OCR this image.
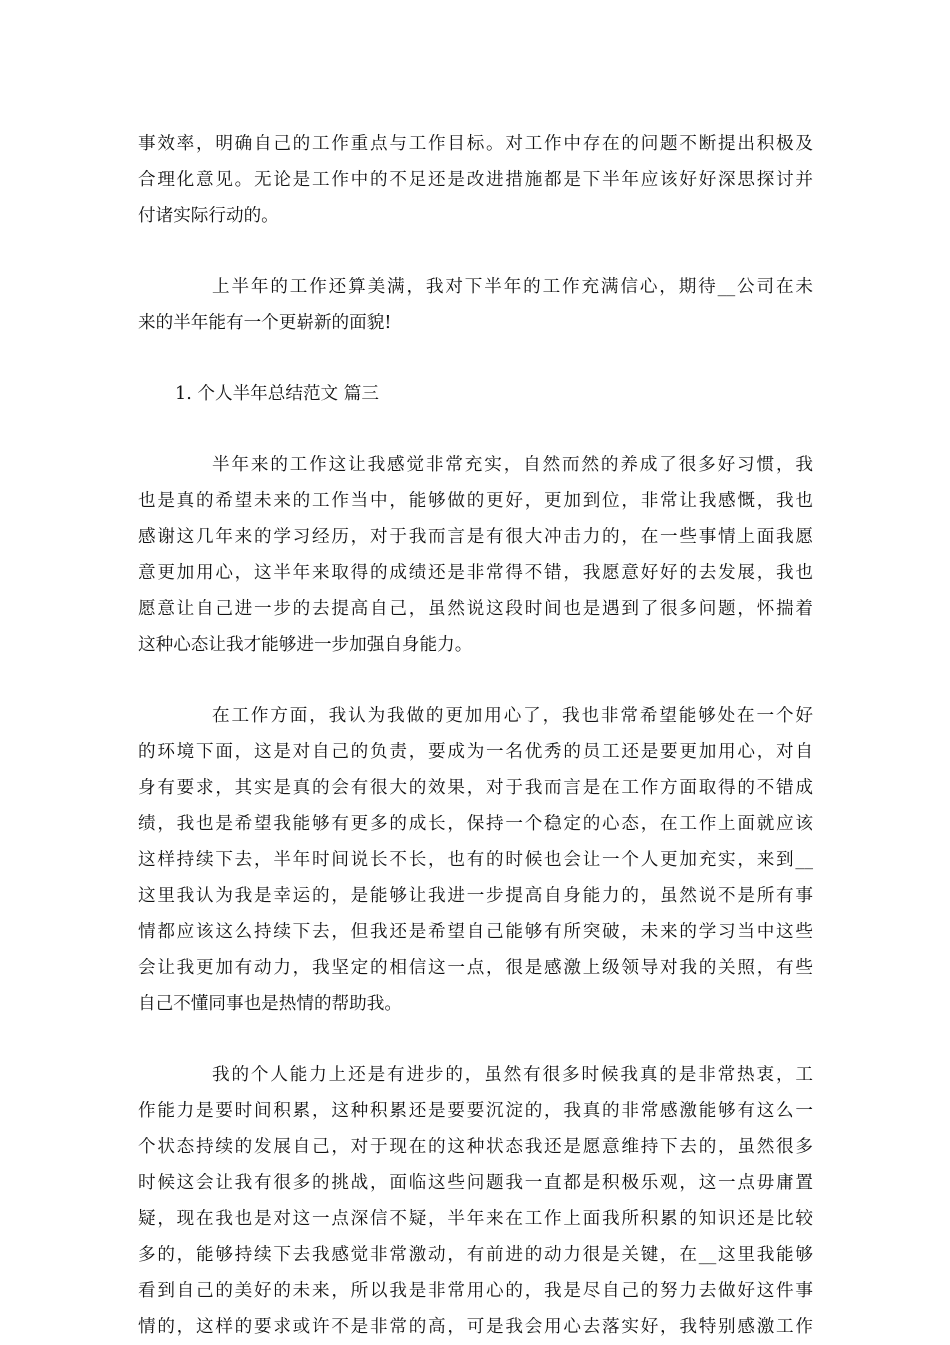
事效率，明确自己的工作重点与工作目标。对工作中存在的问题不断提出积极及
合理化意见。无论是工作中的不足还是改进措施都是下半年应该好好深思探讨并
付诸实际行动的。

上半年的工作还算美满，我对下半年的工作充满信心，期待__公司在未
来的半年能有一个更崭新的面貌!

1. 个人半年总结范文 篇三

半年来的工作这让我感觉非常充实，自然而然的养成了很多好习惯，我
也是真的希望未来的工作当中，能够做的更好，更加到位，非常让我感慨，我也
感谢这几年来的学习经历，对于我而言是有很大冲击力的，在一些事情上面我愿
意更加用心，这半年来取得的成绩还是非常得不错，我愿意好好的去发展，我也
愿意让自己进一步的去提高自己，虽然说这段时间也是遇到了很多问题，怀揣着
这种心态让我才能够进一步加强自身能力。

在工作方面，我认为我做的更加用心了，我也非常希望能够处在一个好
的环境下面，这是对自己的负责，要成为一名优秀的员工还是要更加用心，对自
身有要求，其实是真的会有很大的效果，对于我而言是在工作方面取得的不错成
绩，我也是希望我能够有更多的成长，保持一个稳定的心态，在工作上面就应该
这样持续下去，半年时间说长不长，也有的时候也会让一个人更加充实，来到__
这里我认为我是幸运的，是能够让我进一步提高自身能力的，虽然说不是所有事
情都应该这么持续下去，但我还是希望自己能够有所突破，未来的学习当中这些
会让我更加有动力，我坚定的相信这一点，很是感激上级领导对我的关照，有些
自己不懂同事也是热情的帮助我。

我的个人能力上还是有进步的，虽然有很多时候我真的是非常热衷，工
作能力是要时间积累，这种积累还是要要沉淀的，我真的非常感激能够有这么一
个状态持续的发展自己，对于现在的这种状态我还是愿意维持下去的，虽然很多
时候这会让我有很多的挑战，面临这些问题我一直都是积极乐观，这一点毋庸置
疑，现在我也是对这一点深信不疑，半年来在工作上面我所积累的知识还是比较
多的，能够持续下去我感觉非常激动，有前进的动力很是关键，在__这里我能够
看到自己的美好的未来，所以我是非常用心的，我是尽自己的努力去做好这件事
情的，这样的要求或许不是非常的高，可是我会用心去落实好，我特别感激工作
